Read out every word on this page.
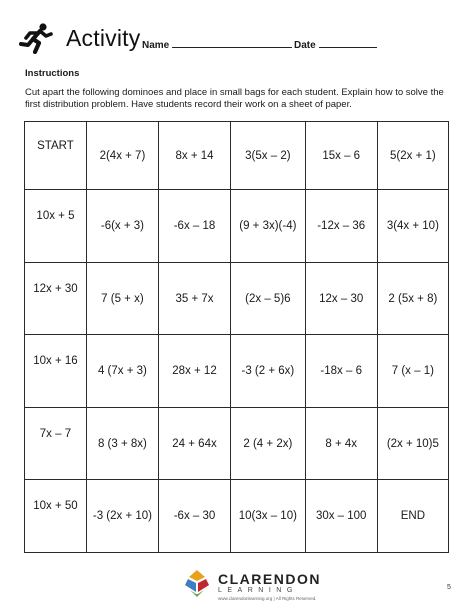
Activity Name	Date
Instructions
Cut apart the following dominoes and place in small bags for each student. Explain how to solve the first distribution problem. Have students record their work on a sheet of paper.
START	2(4x + 7)	8x + 14	3(5x – 2)	15x – 6	5(2x + 1)
10x + 5	-6(x + 3)	-6x – 18	(9 + 3x)(-4)	-12x – 36	3(4x + 10)
12x + 30	7 (5 + x)	35 + 7x	(2x – 5)6	12x – 30	2 (5x + 8)
10x + 16	4 (7x + 3)	28x + 12	-3 (2 + 6x)	-18x – 6	7 (x – 1)
7x – 7	8 (3 + 8x)	24 + 64x	2 (4 + 2x)	8 + 4x	(2x + 10)5
10x + 50	-3 (2x + 10)	-6x – 30	10(3x – 10)	30x – 100	END
CLARENDON
LEARNING
www.clarendonlearning.org | All Rights Reserved.
5
